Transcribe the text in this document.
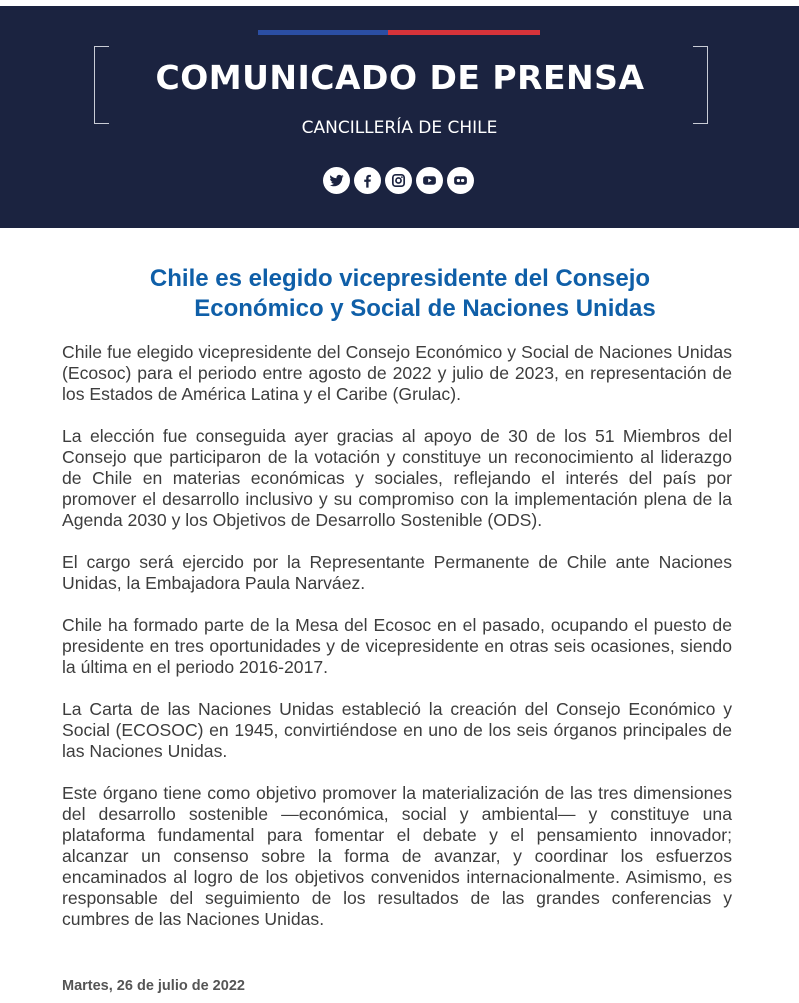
COMUNICADO DE PRENSA
CANCILLERÍA DE CHILE
Chile es elegido vicepresidente del Consejo
Económico y Social de Naciones Unidas

Chile fue elegido vicepresidente del Consejo Económico y Social de Naciones Unidas (Ecosoc) para el periodo entre agosto de 2022 y julio de 2023, en representación de los Estados de América Latina y el Caribe (Grulac).

La elección fue conseguida ayer gracias al apoyo de 30 de los 51 Miembros del Consejo que participaron de la votación y constituye un reconocimiento al liderazgo de Chile en materias económicas y sociales, reflejando el interés del país por promover el desarrollo inclusivo y su compromiso con la implementación plena de la Agenda 2030 y los Objetivos de Desarrollo Sostenible (ODS).

El cargo será ejercido por la Representante Permanente de Chile ante Naciones Unidas, la Embajadora Paula Narváez.

Chile ha formado parte de la Mesa del Ecosoc en el pasado, ocupando el puesto de presidente en tres oportunidades y de vicepresidente en otras seis ocasiones, siendo la última en el periodo 2016-2017.

La Carta de las Naciones Unidas estableció la creación del Consejo Económico y Social (ECOSOC) en 1945, convirtiéndose en uno de los seis órganos principales de las Naciones Unidas.

Este órgano tiene como objetivo promover la materialización de las tres dimensiones del desarrollo sostenible —económica, social y ambiental— y constituye una plataforma fundamental para fomentar el debate y el pensamiento innovador; alcanzar un consenso sobre la forma de avanzar, y coordinar los esfuerzos encaminados al logro de los objetivos convenidos internacionalmente. Asimismo, es responsable del seguimiento de los resultados de las grandes conferencias y cumbres de las Naciones Unidas.

Martes, 26 de julio de 2022
